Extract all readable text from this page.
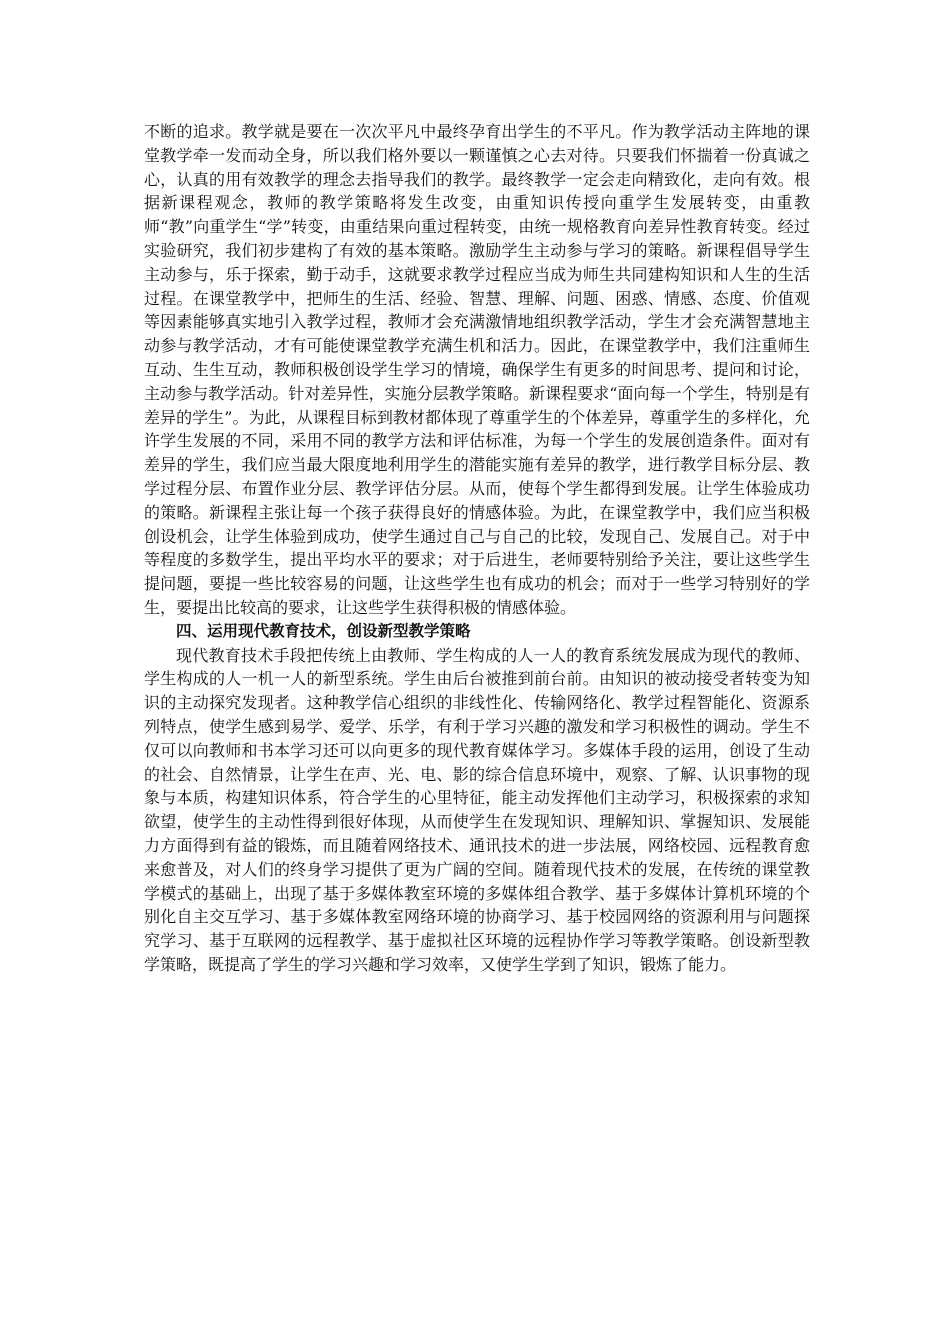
不断的追求。教学就是要在一次次平凡中最终孕育出学生的不平凡。作为教学活动主阵地的课堂教学牵一发而动全身，所以我们格外要以一颗谨慎之心去对待。只要我们怀揣着一份真诚之心，认真的用有效教学的理念去指导我们的教学。最终教学一定会走向精致化，走向有效。根据新课程观念，教师的教学策略将发生改变，由重知识传授向重学生发展转变，由重教师“教”向重学生“学”转变，由重结果向重过程转变，由统一规格教育向差异性教育转变。经过实验研究，我们初步建构了有效的基本策略。激励学生主动参与学习的策略。新课程倡导学生主动参与，乐于探索，勤于动手，这就要求教学过程应当成为师生共同建构知识和人生的生活过程。在课堂教学中，把师生的生活、经验、智慧、理解、问题、困惑、情感、态度、价值观等因素能够真实地引入教学过程，教师才会充满激情地组织教学活动，学生才会充满智慧地主动参与教学活动，才有可能使课堂教学充满生机和活力。因此，在课堂教学中，我们注重师生互动、生生互动，教师积极创设学生学习的情境，确保学生有更多的时间思考、提问和讨论，主动参与教学活动。针对差异性，实施分层教学策略。新课程要求“面向每一个学生，特别是有差异的学生”。为此，从课程目标到教材都体现了尊重学生的个体差异，尊重学生的多样化，允许学生发展的不同，采用不同的教学方法和评估标准，为每一个学生的发展创造条件。面对有差异的学生，我们应当最大限度地利用学生的潜能实施有差异的教学，进行教学目标分层、教学过程分层、布置作业分层、教学评估分层。从而，使每个学生都得到发展。让学生体验成功的策略。新课程主张让每一个孩子获得良好的情感体验。为此，在课堂教学中，我们应当积极创设机会，让学生体验到成功，使学生通过自己与自己的比较，发现自己、发展自己。对于中等程度的多数学生，提出平均水平的要求；对于后进生，老师要特别给予关注，要让这些学生提问题，要提一些比较容易的问题，让这些学生也有成功的机会；而对于一些学习特别好的学生，要提出比较高的要求，让这些学生获得积极的情感体验。

四、运用现代教育技术，创设新型教学策略

现代教育技术手段把传统上由教师、学生构成的人一人的教育系统发展成为现代的教师、学生构成的人一机一人的新型系统。学生由后台被推到前台前。由知识的被动接受者转变为知识的主动探究发现者。这种教学信心组织的非线性化、传输网络化、教学过程智能化、资源系列特点，使学生感到易学、爱学、乐学，有利于学习兴趣的激发和学习积极性的调动。学生不仅可以向教师和书本学习还可以向更多的现代教育媒体学习。多媒体手段的运用，创设了生动的社会、自然情景，让学生在声、光、电、影的综合信息环境中，观察、了解、认识事物的现象与本质，构建知识体系，符合学生的心里特征，能主动发挥他们主动学习，积极探索的求知欲望，使学生的主动性得到很好体现，从而使学生在发现知识、理解知识、掌握知识、发展能力方面得到有益的锻炼，而且随着网络技术、通讯技术的进一步法展，网络校园、远程教育愈来愈普及，对人们的终身学习提供了更为广阔的空间。随着现代技术的发展，在传统的课堂教学模式的基础上，出现了基于多媒体教室环境的多媒体组合教学、基于多媒体计算机环境的个别化自主交互学习、基于多媒体教室网络环境的协商学习、基于校园网络的资源利用与问题探究学习、基于互联网的远程教学、基于虚拟社区环境的远程协作学习等教学策略。创设新型教学策略，既提高了学生的学习兴趣和学习效率，又使学生学到了知识，锻炼了能力。
